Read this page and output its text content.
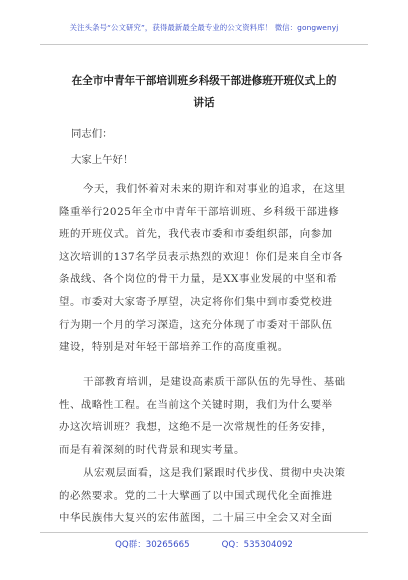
关注头条号“公文研究”，获得最新最全最专业的公文资料库！ 微信：gongwenyj
在全市中青年干部培训班乡科级干部进修班开班仪式上的
讲话
同志们：
大家上午好！
今天，我们怀着对未来的期许和对事业的追求，在这里
隆重举行2025年全市中青年干部培训班、乡科级干部进修
班的开班仪式。首先，我代表市委和市委组织部，向参加
这次培训的137名学员表示热烈的欢迎！你们是来自全市各
条战线、各个岗位的骨干力量，是XX事业发展的中坚和希
望。市委对大家寄予厚望，决定将你们集中到市委党校进
行为期一个月的学习深造，这充分体现了市委对干部队伍
建设，特别是对年轻干部培养工作的高度重视。
干部教育培训，是建设高素质干部队伍的先导性、基础
性、战略性工程。在当前这个关键时期，我们为什么要举
办这次培训班？我想，这绝不是一次常规性的任务安排，
而是有着深刻的时代背景和现实考量。
从宏观层面看，这是我们紧跟时代步伐、贯彻中央决策
的必然要求。党的二十大擘画了以中国式现代化全面推进
中华民族伟大复兴的宏伟蓝图，二十届三中全会又对全面
QQ群：30265665	QQ：535304092
